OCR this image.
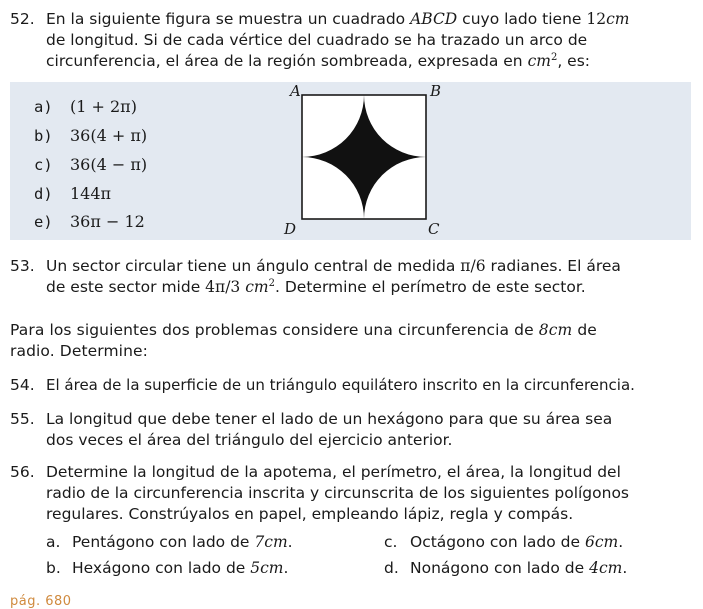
52. En la siguiente figura se muestra un cuadrado ABCD cuyo lado tiene 12cm
de longitud. Si de cada vértice del cuadrado se ha trazado un arco de
circunferencia, el área de la región sombreada, expresada en $cm^2$, es:
a) (1 + 2π)
b) 36(4 + π)
c) 36(4 − π)
d) 144π
e) 36π − 12
A	B
C
D
53. Un sector circular tiene un ángulo central de medida π/6 radianes. El área
de este sector mide 4π/3 $cm^2$. Determine el perímetro de este sector.
Para los siguientes dos problemas considere una circunferencia de 8cm de
radio. Determine:
54. El área de la superficie de un triángulo equilátero inscrito en la circunferencia.
55. La longitud que debe tener el lado de un hexágono para que su área sea
dos veces el área del triángulo del ejercicio anterior.
56. Determine la longitud de la apotema, el perímetro, el área, la longitud del
radio de la circunferencia inscrita y circunscrita de los siguientes polígonos
regulares. Constrúyalos en papel, empleando lápiz, regla y compás.
a. Pentágono con lado de 7cm.	c. Octágono con lado de 6cm.
b. Hexágono con lado de 5cm.	d. Nonágono con lado de 4cm.
pág. 680
